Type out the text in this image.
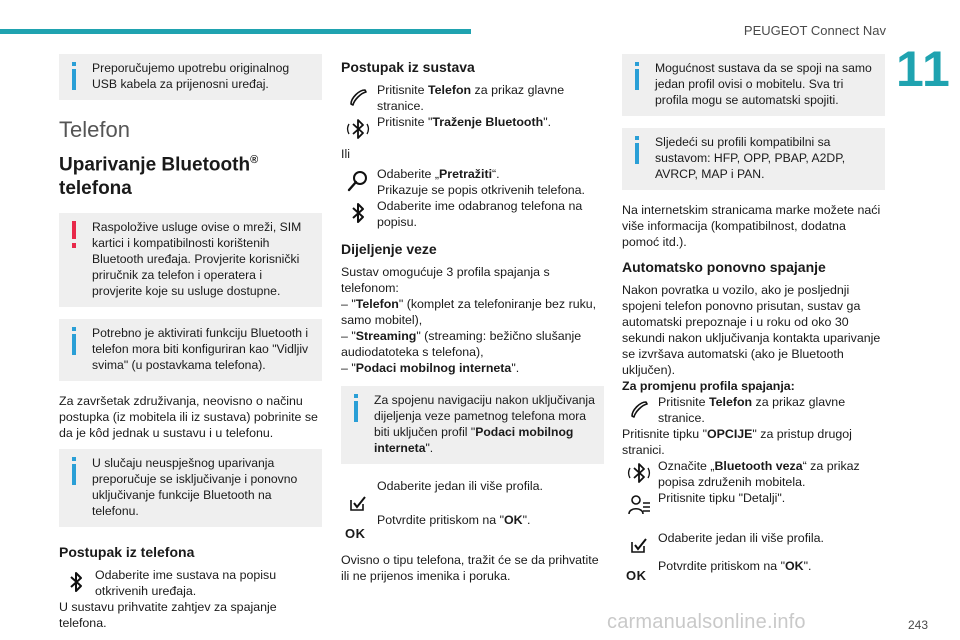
PEUGEOT Connect Nav
11
Preporučujemo upotrebu originalnog USB kabela za prijenosni uređaj.
Telefon
Uparivanje Bluetooth®
telefona
Raspoložive usluge ovise o mreži, SIM kartici i kompatibilnosti korištenih Bluetooth uređaja. Provjerite korisnički priručnik za telefon i operatera i provjerite koje su usluge dostupne.
Potrebno je aktivirati funkciju Bluetooth i telefon mora biti konfiguriran kao "Vidljiv svima" (u postavkama telefona).

Za završetak združivanja, neovisno o načinu postupka (iz mobitela ili iz sustava) pobrinite se da je kôd jednak u sustavu i u telefonu.

U slučaju neuspješnog uparivanja preporučuje se isključivanje i ponovno uključivanje funkcije Bluetooth na telefonu.
Postupak iz telefona
Odaberite ime sustava na popisu otkrivenih uređaja.

U sustavu prihvatite zahtjev za spajanje telefona.

Postupak iz sustava
Pritisnite Telefon za prikaz glavne stranice.
Pritisnite "Traženje Bluetooth".

Ili

Odaberite „Pretražiti“.
Prikazuje se popis otkrivenih telefona.
Odaberite ime odabranog telefona na popisu.
Dijeljenje veze

Sustav omogućuje 3 profila spajanja s telefonom:

– "Telefon" (komplet za telefoniranje bez ruku, samo mobitel),

– "Streaming" (streaming: bežično slušanje audiodatoteka s telefona),

– "Podaci mobilnog interneta".

Za spojenu navigaciju nakon uključivanja dijeljenja veze pametnog telefona mora biti uključen profil "Podaci mobilnog interneta".
Odaberite jedan ili više profila.
OK
Potvrdite pritiskom na "OK".

Ovisno o tipu telefona, tražit će se da prihvatite ili ne prijenos imenika i poruka.

Mogućnost sustava da se spoji na samo jedan profil ovisi o mobitelu. Sva tri profila mogu se automatski spojiti.
Sljedeći su profili kompatibilni sa sustavom: HFP, OPP, PBAP, A2DP, AVRCP, MAP i PAN.

Na internetskim stranicama marke možete naći više informacija (kompatibilnost, dodatna pomoć itd.).

Automatsko ponovno spajanje

Nakon povratka u vozilo, ako je posljednji spojeni telefon ponovno prisutan, sustav ga automatski prepoznaje i u roku od oko 30 sekundi nakon uključivanja kontakta uparivanje se izvršava automatski (ako je Bluetooth uključen).

Za promjenu profila spajanja:

Pritisnite Telefon za prikaz glavne stranice.

Pritisnite tipku "OPCIJE" za pristup drugoj stranici.

Označite „Bluetooth veza“ za prikaz popisa združenih mobitela.
Pritisnite tipku "Detalji".
Odaberite jedan ili više profila.
OK
Potvrdite pritiskom na "OK".
carmanualsonline.info	243
